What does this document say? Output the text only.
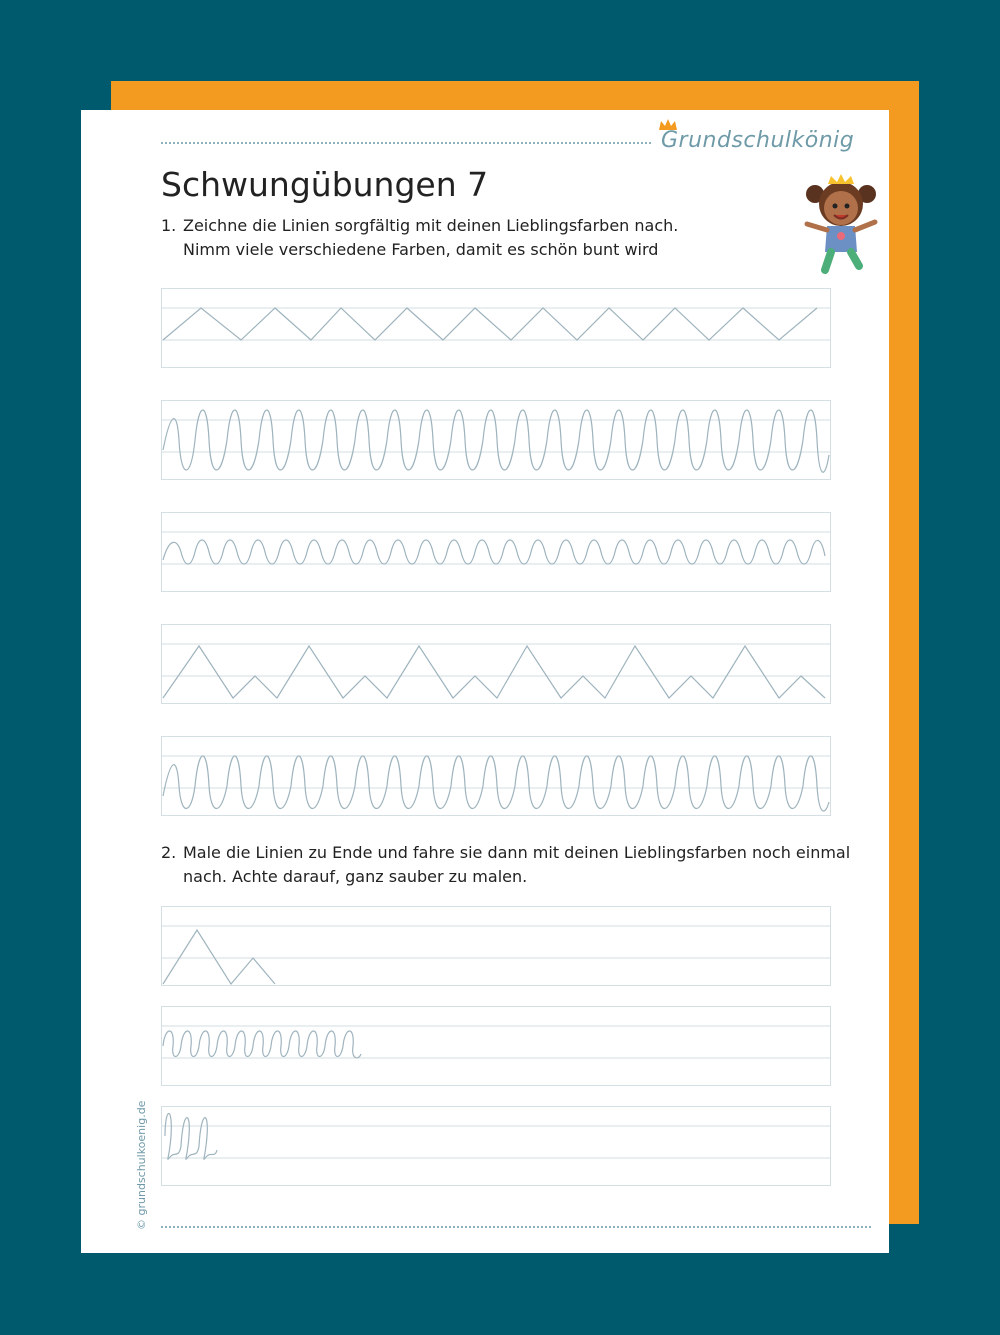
Grundschulkönig
Schwungübungen 7
1. Zeichne die Linien sorgfältig mit deinen Lieblingsfarben nach.
Nimm viele verschiedene Farben, damit es schön bunt wird
2. Male die Linien zu Ende und fahre sie dann mit deinen Lieblingsfarben noch einmal
nach. Achte darauf, ganz sauber zu malen.
© grundschulkoenig.de
